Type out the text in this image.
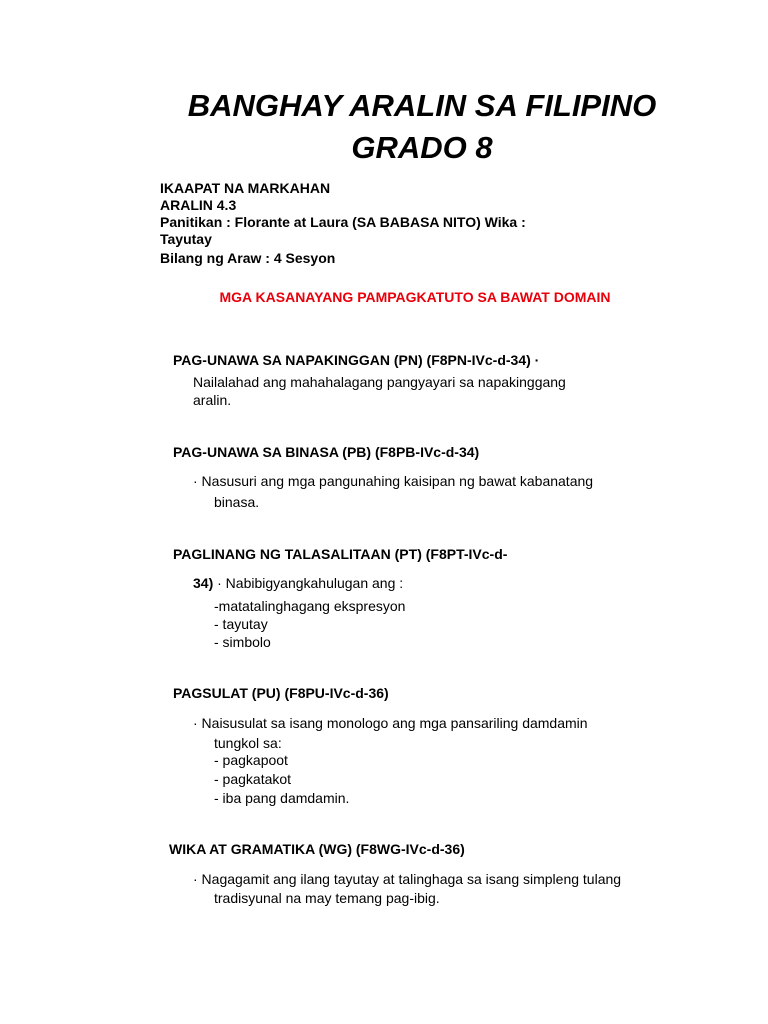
BANGHAY ARALIN SA FILIPINO
GRADO 8
IKAAPAT NA MARKAHAN
ARALIN 4.3
Panitikan : Florante at Laura (SA BABASA NITO) Wika :
Tayutay
Bilang ng Araw : 4 Sesyon
MGA KASANAYANG PAMPAGKATUTO SA BAWAT DOMAIN
PAG-UNAWA SA NAPAKINGGAN (PN) (F8PN-IVc-d-34) ·
Nailalahad ang mahahalagang pangyayari sa napakinggang
aralin.
PAG-UNAWA SA BINASA (PB) (F8PB-IVc-d-34)
· Nasusuri ang mga pangunahing kaisipan ng bawat kabanatang
binasa.
PAGLINANG NG TALASALITAAN (PT) (F8PT-IVc-d-
34) · Nabibigyangkahulugan ang :
-matatalinghagang ekspresyon
- tayutay
- simbolo
PAGSULAT (PU) (F8PU-IVc-d-36)
· Naisusulat sa isang monologo ang mga pansariling damdamin
tungkol sa:
- pagkapoot
- pagkatakot
- iba pang damdamin.
WIKA AT GRAMATIKA (WG) (F8WG-IVc-d-36)
· Nagagamit ang ilang tayutay at talinghaga sa isang simpleng tulang
tradisyunal na may temang pag-ibig.
